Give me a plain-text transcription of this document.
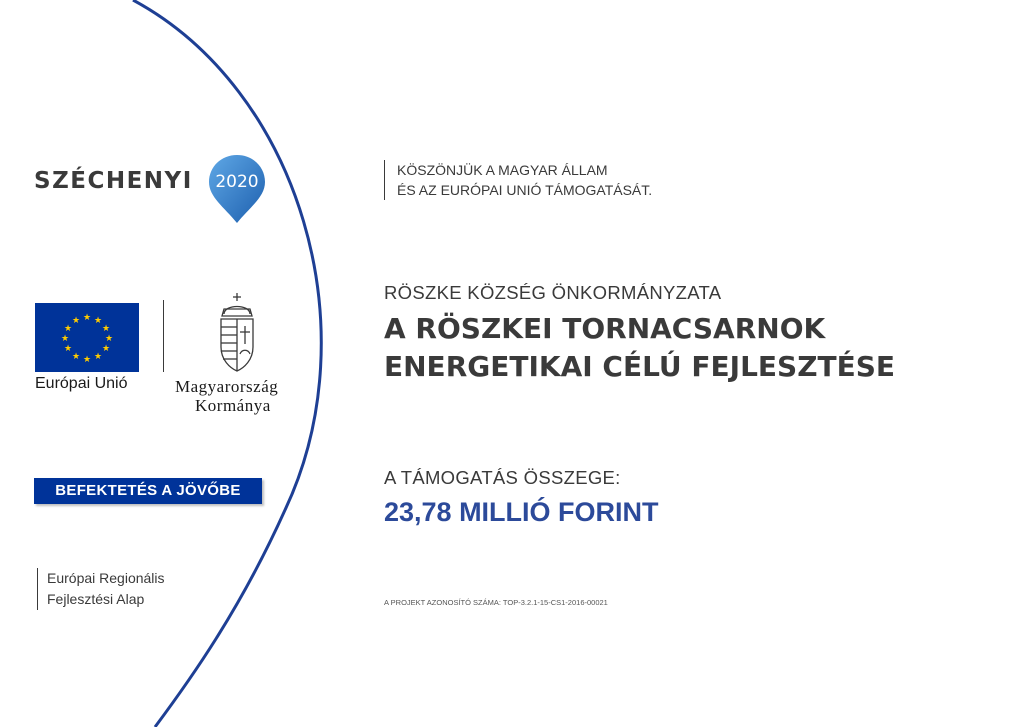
SZÉCHENYI	2020
★ ★
★
★
★
★
★
★
★
★
★
★
Európai Unió	Magyarország
Kormánya
BEFEKTETÉS A JÖVŐBE
Európai Regionális
Fejlesztési Alap
KÖSZÖNJÜK A MAGYAR ÁLLAM
ÉS AZ EURÓPAI UNIÓ TÁMOGATÁSÁT.
RÖSZKE KÖZSÉG ÖNKORMÁNYZATA
A RÖSZKEI TORNACSARNOK
ENERGETIKAI CÉLÚ FEJLESZTÉSE
A TÁMOGATÁS ÖSSZEGE:
23,78 MILLIÓ FORINT
A PROJEKT AZONOSÍTÓ SZÁMA: TOP-3.2.1-15-CS1-2016-00021
